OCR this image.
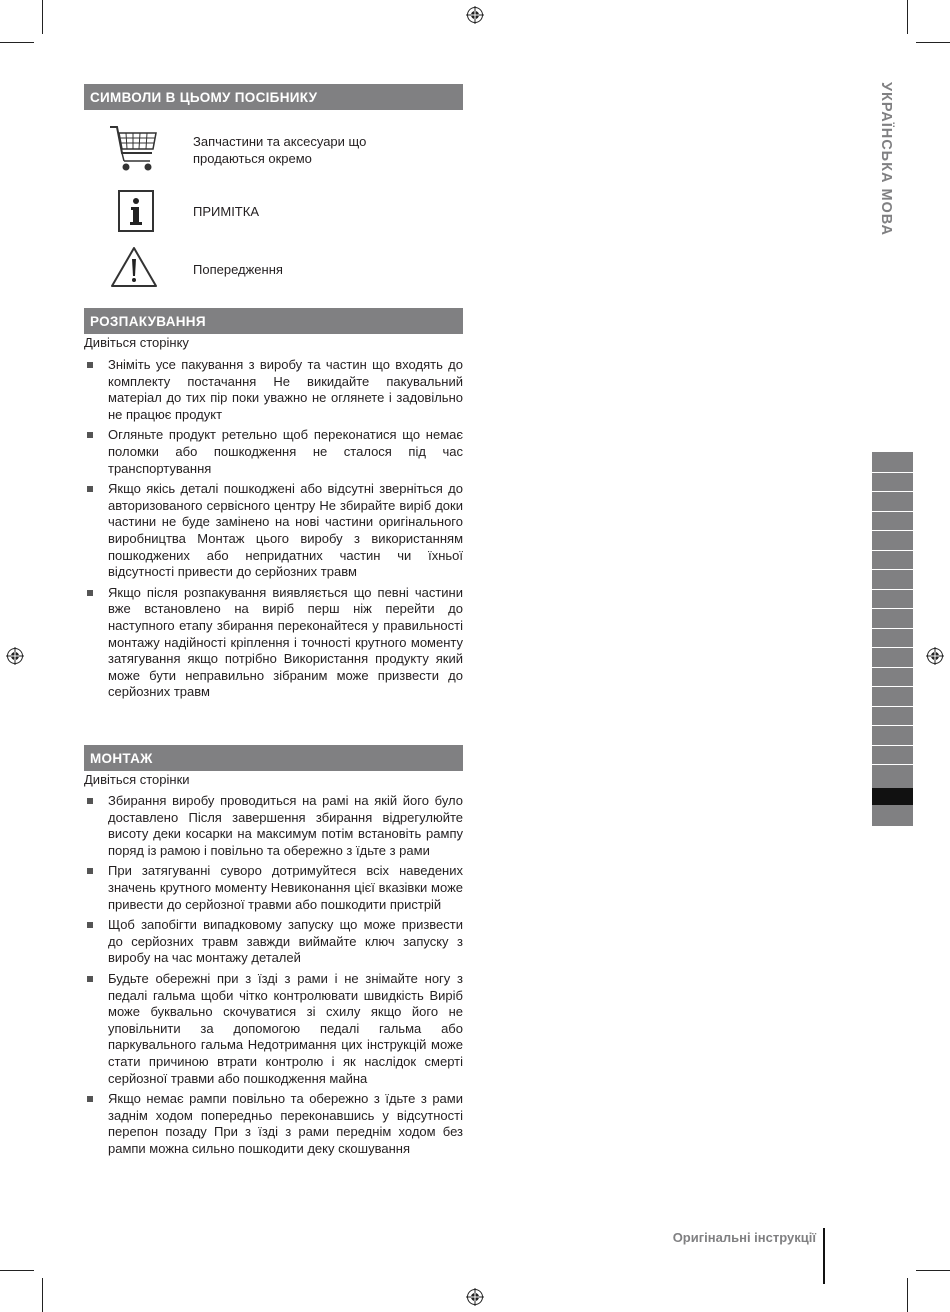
УКРАЇНСЬКА МОВА
СИМВОЛИ В ЦЬОМУ ПОСІБНИКУ
Запчастини та аксесуари що продаються окремо
ПРИМІТКА
Попередження
РОЗПАКУВАННЯ
Дивіться сторінку
Зніміть усе пакування з виробу та частин що входять до комплекту постачання Не викидайте пакувальний матеріал до тих пір поки уважно не оглянете і задовільно не працює продукт
Огляньте продукт ретельно щоб переконатися що немає поломки або пошкодження не сталося під час транспортування
Якщо якісь деталі пошкоджені або відсутні зверніться до авторизованого сервісного центру Не збирайте виріб доки частини не буде замінено на нові частини оригінального виробництва Монтаж цього виробу з використанням пошкоджених або непридатних частин чи їхньої відсутності привести до серйозних травм
Якщо після розпакування виявляється що певні частини вже встановлено на виріб перш ніж перейти до наступного етапу збирання переконайтеся у правильності монтажу надійності кріплення і точності крутного моменту затягування якщо потрібно Використання продукту який може бути неправильно зібраним може призвести до серйозних травм
МОНТАЖ
Дивіться сторінки
Збирання виробу проводиться на рамі на якій його було доставлено Після завершення збирання відрегулюйте висоту деки косарки на максимум потім встановіть рампу поряд із рамою і повільно та обережно з їдьте з рами
При затягуванні суворо дотримуйтеся всіх наведених значень крутного моменту Невиконання цієї вказівки може привести до серйозної травми або пошкодити пристрій
Щоб запобігти випадковому запуску що може призвести до серйозних травм завжди виймайте ключ запуску з виробу на час монтажу деталей
Будьте обережні при з їзді з рами і не знімайте ногу з педалі гальма щоби чітко контролювати швидкість Виріб може буквально скочуватися зі схилу якщо його не уповільнити за допомогою педалі гальма або паркувального гальма Недотримання цих інструкцій може стати причиною втрати контролю і як наслідок смерті серйозної травми або пошкодження майна
Якщо немає рампи повільно та обережно з їдьте з рами заднім ходом попередньо переконавшись у відсутності перепон позаду При з їзді з рами переднім ходом без рампи можна сильно пошкодити деку скошування
Оригінальні інструкції
